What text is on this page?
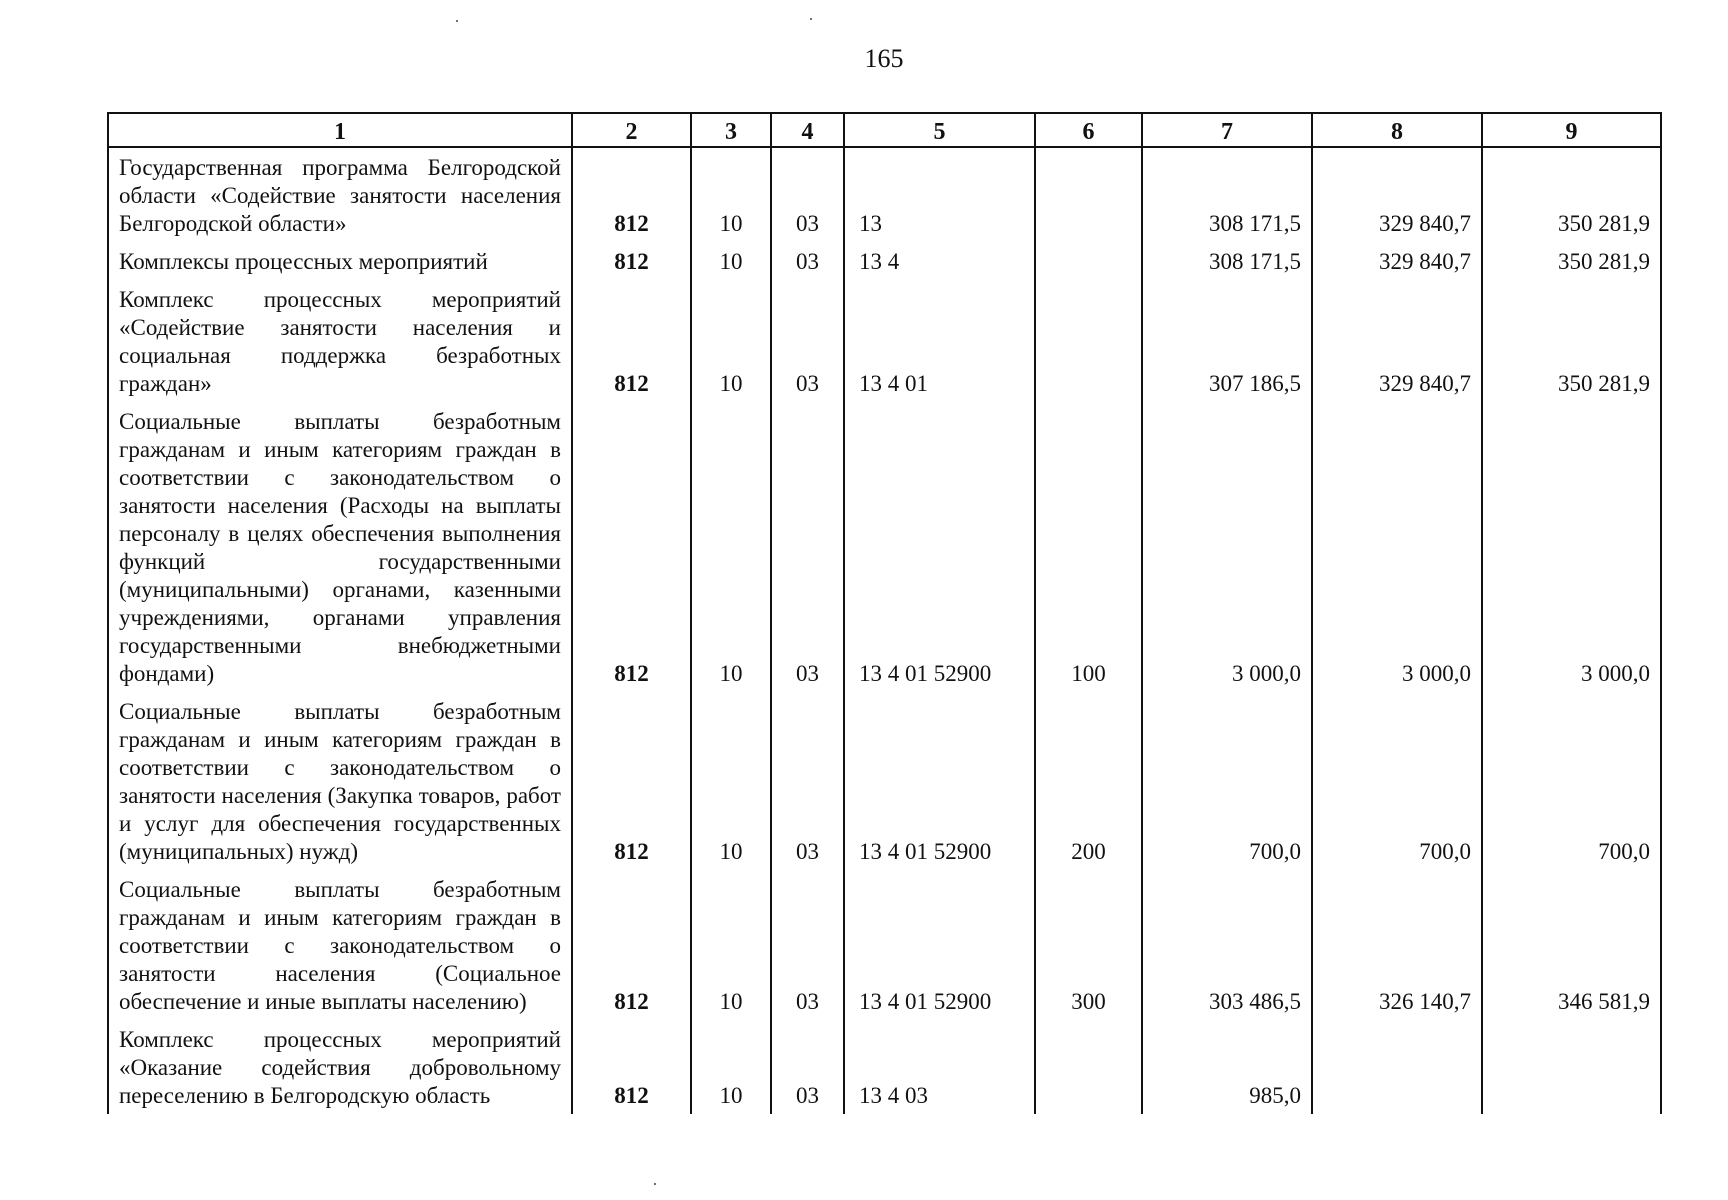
165
1	2	3	4	5	6	7	8	9
Государственная программа Белгородской области «Содействие занятости населения Белгородской области»	812	10	03	13		308 171,5	329 840,7	350 281,9
Комплексы процессных мероприятий	812	10	03	13 4		308 171,5	329 840,7	350 281,9
Комплекс процессных мероприятий «Содействие занятости населения и социальная поддержка безработных граждан»	812	10	03	13 4 01		307 186,5	329 840,7	350 281,9
Социальные выплаты безработным гражданам и иным категориям граждан в соответствии с законодательством о занятости населения (Расходы на выплаты персоналу в целях обеспечения выполнения функций государственными (муниципальными) органами, казенными учреждениями, органами управления государственными внебюджетными фондами)	812	10	03	13 4 01 52900	100	3 000,0	3 000,0	3 000,0
Социальные выплаты безработным гражданам и иным категориям граждан в соответствии с законодательством о занятости населения (Закупка товаров, работ и услуг для обеспечения государственных (муниципальных) нужд)	812	10	03	13 4 01 52900	200	700,0	700,0	700,0
Социальные выплаты безработным гражданам и иным категориям граждан в соответствии с законодательством о занятости населения (Социальное обеспечение и иные выплаты населению)	812	10	03	13 4 01 52900	300	303 486,5	326 140,7	346 581,9
Комплекс процессных мероприятий «Оказание содействия добровольному переселению в Белгородскую область	812	10	03	13 4 03		985,0		
